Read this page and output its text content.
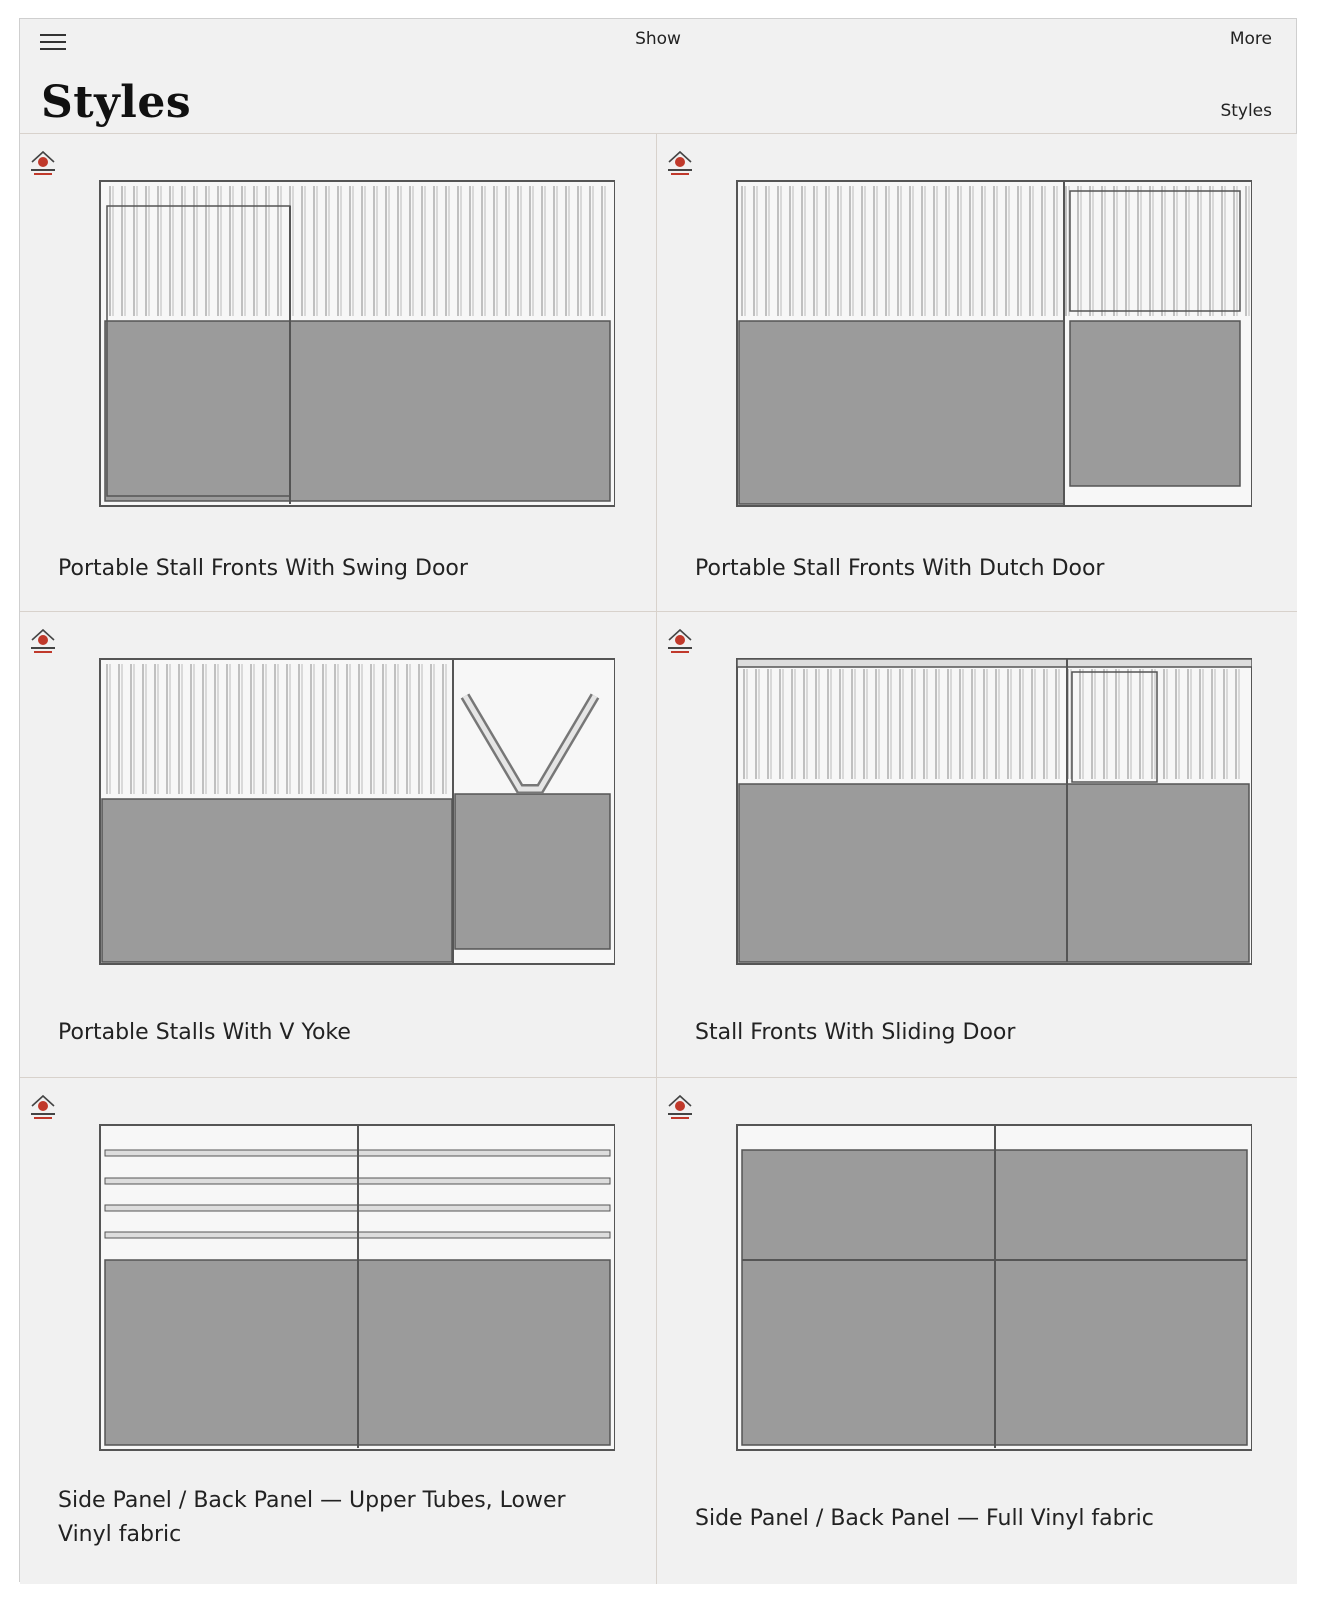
Show	More
Styles	Styles
Portable Stall Fronts With Swing Door	Portable Stall Fronts With Dutch Door
Portable Stalls With V Yoke	Stall Fronts With Sliding Door
Side Panel / Back Panel — Upper Tubes, Lower Vinyl fabric
Side Panel / Back Panel — Full Vinyl fabric
